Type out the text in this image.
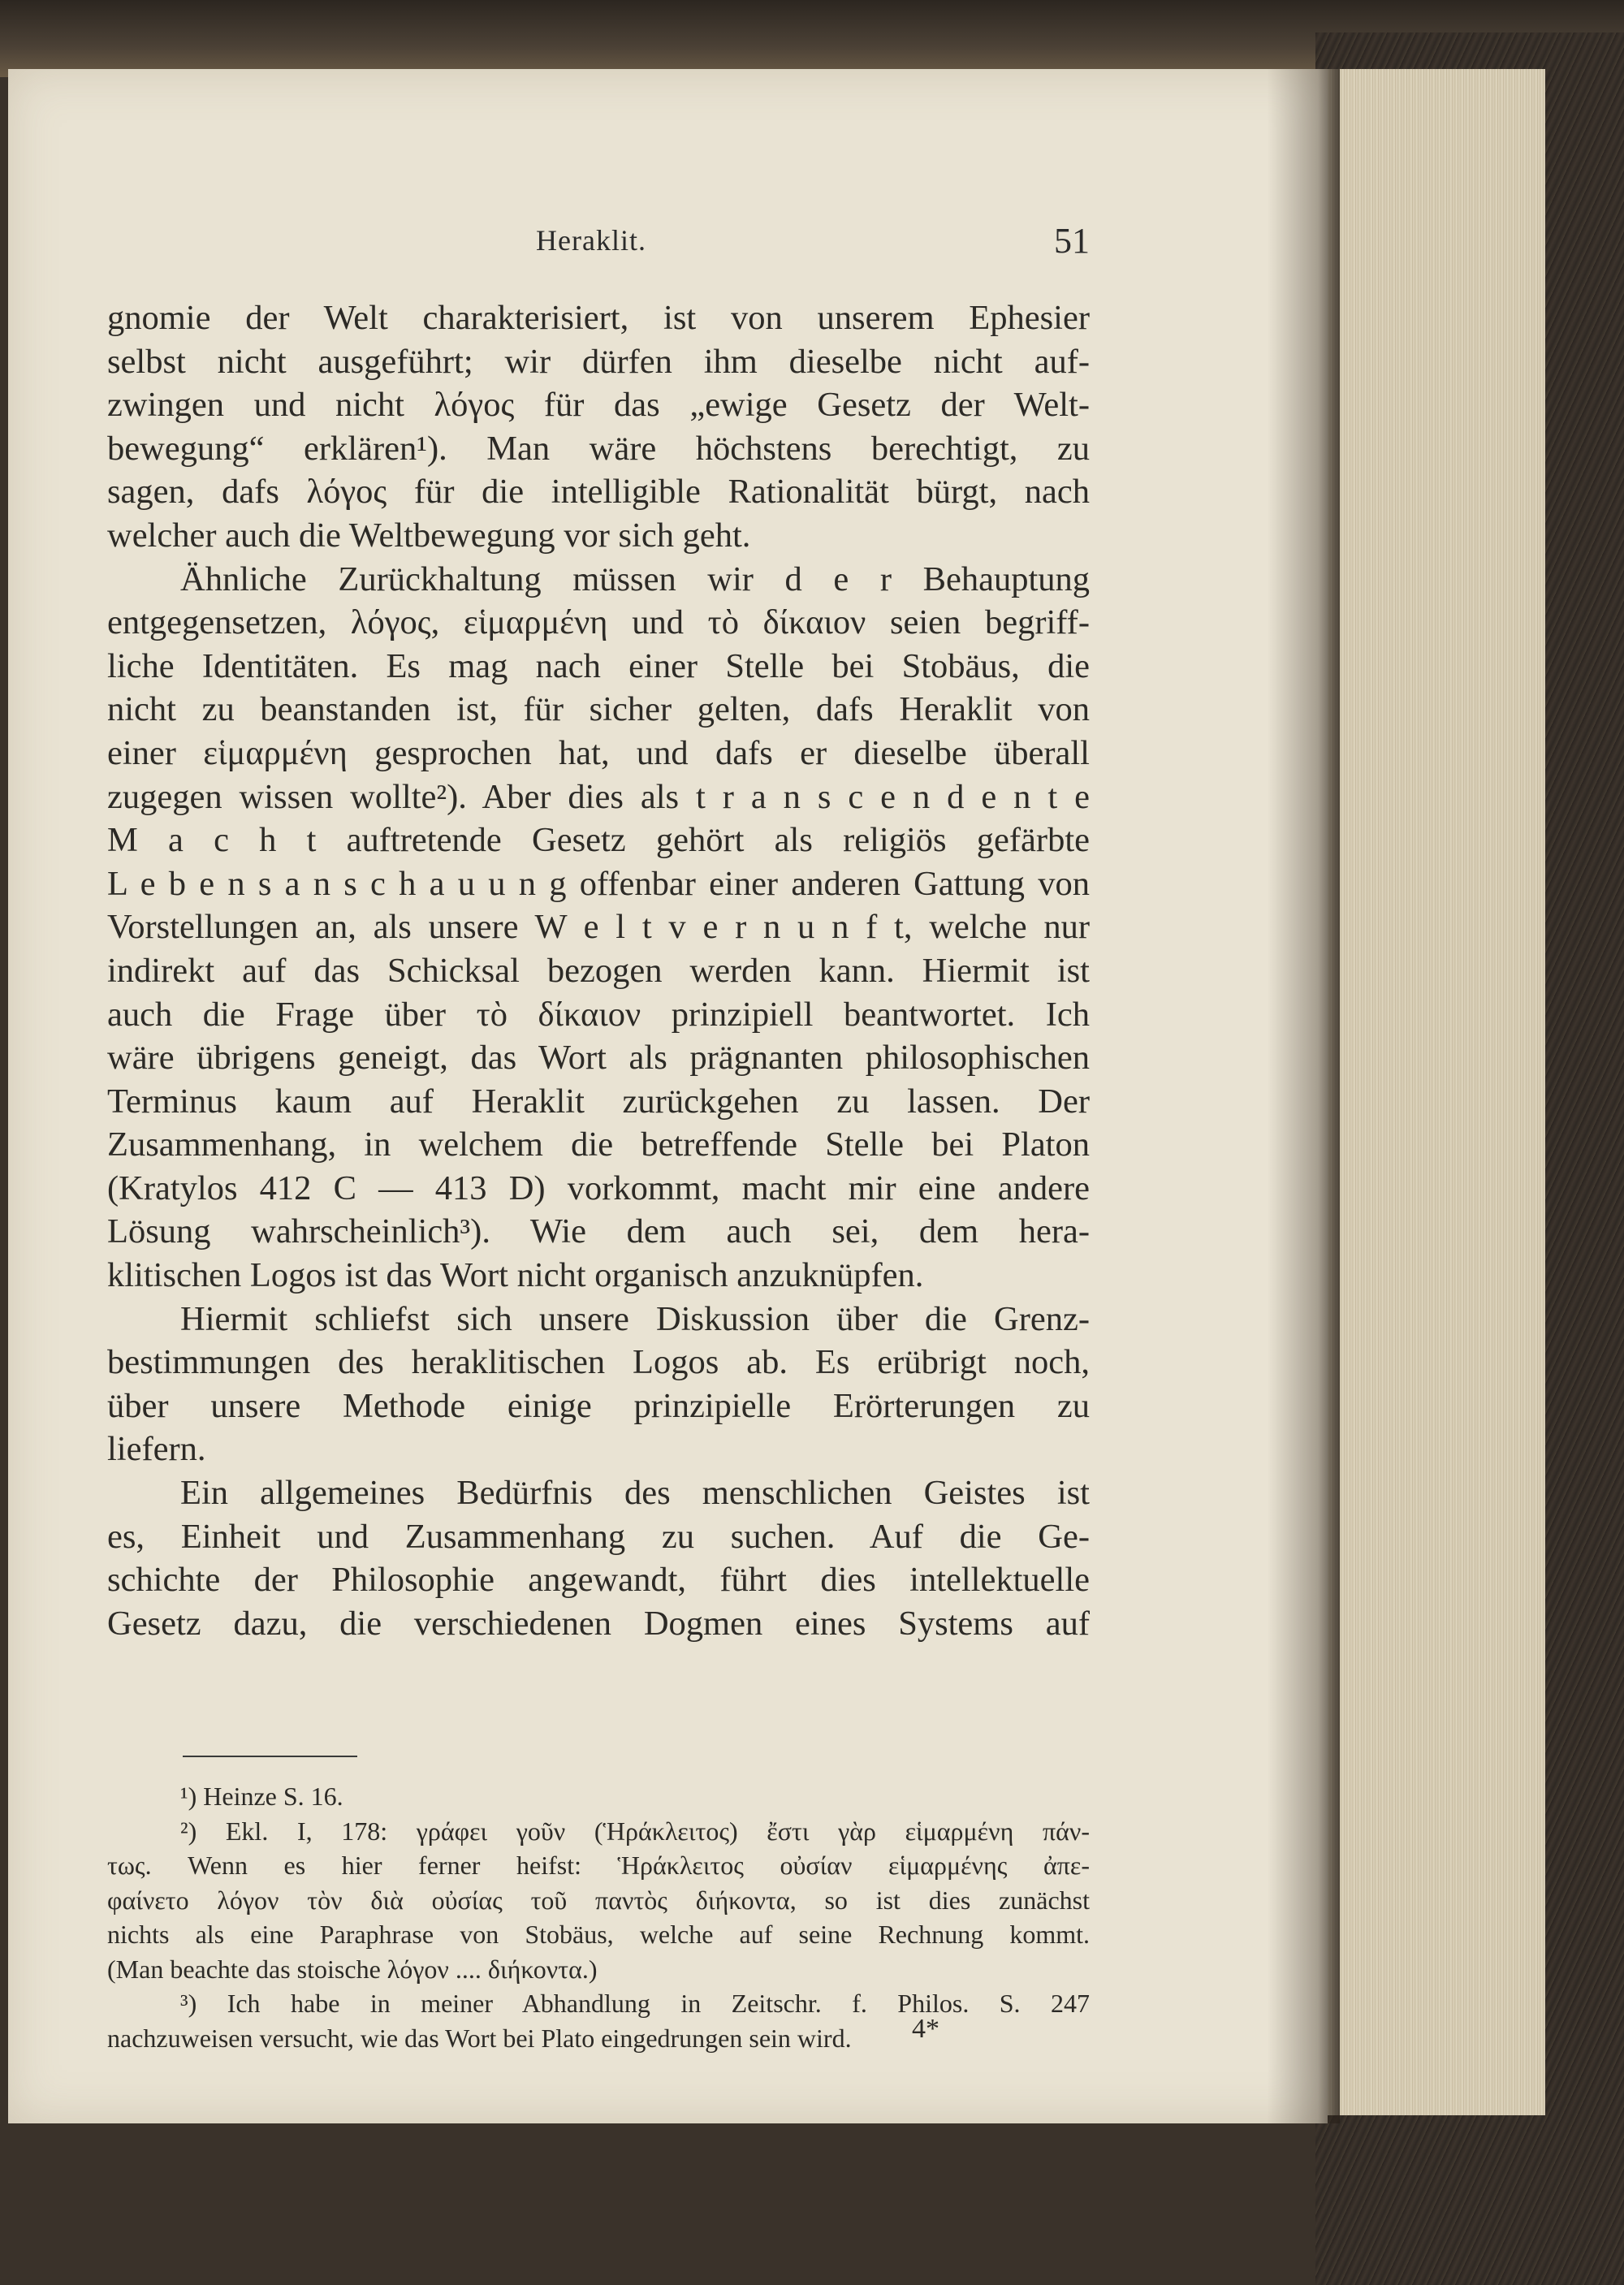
Heraklit.	51
gnomie der Welt charakterisiert, ist von unserem Ephesier
selbst nicht ausgeführt; wir dürfen ihm dieselbe nicht auf-
zwingen und nicht λόγος für das „ewige Gesetz der Welt-
bewegung“ erklären¹). Man wäre höchstens berechtigt, zu
sagen, dafs λόγος für die intelligible Rationalität bürgt, nach
welcher auch die Weltbewegung vor sich geht.
Ähnliche Zurückhaltung müssen wir d e r Behauptung
entgegensetzen, λόγος, εἱμαρμένη und τὸ δίκαιον seien begriff-
liche Identitäten. Es mag nach einer Stelle bei Stobäus, die
nicht zu beanstanden ist, für sicher gelten, dafs Heraklit von
einer εἱμαρμένη gesprochen hat, und dafs er dieselbe überall
zugegen wissen wollte²). Aber dies als t r a n s c e n d e n t e
M a c h t auftretende Gesetz gehört als religiös gefärbte
L e b e n s a n s c h a u u n g offenbar einer anderen Gattung von
Vorstellungen an, als unsere W e l t v e r n u n f t, welche nur
indirekt auf das Schicksal bezogen werden kann. Hiermit ist
auch die Frage über τὸ δίκαιον prinzipiell beantwortet. Ich
wäre übrigens geneigt, das Wort als prägnanten philosophischen
Terminus kaum auf Heraklit zurückgehen zu lassen. Der
Zusammenhang, in welchem die betreffende Stelle bei Platon
(Kratylos 412 C — 413 D) vorkommt, macht mir eine andere
Lösung wahrscheinlich³). Wie dem auch sei, dem hera-
klitischen Logos ist das Wort nicht organisch anzuknüpfen.
Hiermit schliefst sich unsere Diskussion über die Grenz-
bestimmungen des heraklitischen Logos ab. Es erübrigt noch,
über unsere Methode einige prinzipielle Erörterungen zu
liefern.
Ein allgemeines Bedürfnis des menschlichen Geistes ist
es, Einheit und Zusammenhang zu suchen. Auf die Ge-
schichte der Philosophie angewandt, führt dies intellektuelle
Gesetz dazu, die verschiedenen Dogmen eines Systems auf
¹) Heinze S. 16.
²) Ekl. I, 178: γράφει γοῦν (Ἡράκλειτος) ἔστι γὰρ εἱμαρμένη πάν-
τως. Wenn es hier ferner heifst: Ἡράκλειτος οὐσίαν εἱμαρμένης ἀπε-
φαίνετο λόγον τὸν διὰ οὐσίας τοῦ παντὸς διήκοντα, so ist dies zunächst
nichts als eine Paraphrase von Stobäus, welche auf seine Rechnung kommt.
(Man beachte das stoische λόγον .... διήκοντα.)
³) Ich habe in meiner Abhandlung in Zeitschr. f. Philos. S. 247
nachzuweisen versucht, wie das Wort bei Plato eingedrungen sein wird.	4*
